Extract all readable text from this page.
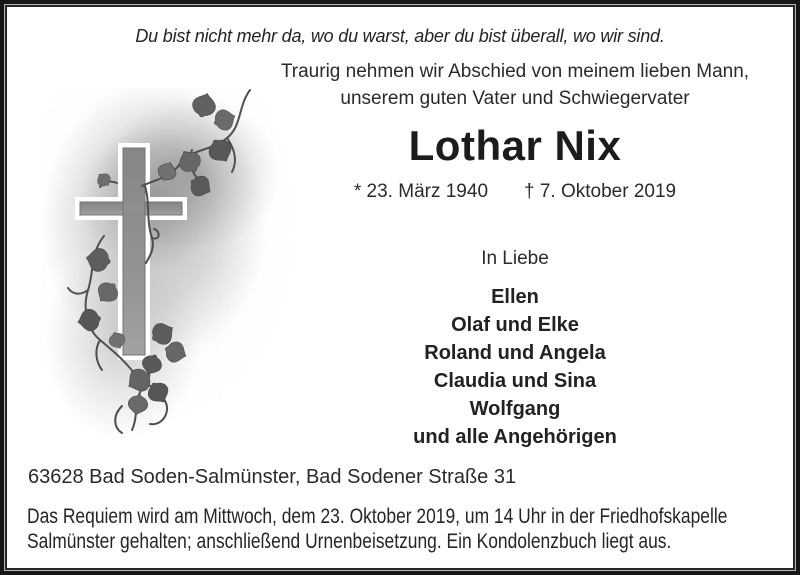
Du bist nicht mehr da, wo du warst, aber du bist überall, wo wir sind.
Traurig nehmen wir Abschied von meinem lieben Mann,
unserem guten Vater und Schwiegervater
Lothar Nix
* 23. März 1940 † 7. Oktober 2019
In Liebe
Ellen
Olaf und Elke
Roland und Angela
Claudia und Sina
Wolfgang
und alle Angehörigen
63628 Bad Soden-Salmünster, Bad Sodener Straße 31
Das Requiem wird am Mittwoch, dem 23. Oktober 2019, um 14 Uhr in der Friedhofskapelle
Salmünster gehalten; anschließend Urnenbeisetzung. Ein Kondolenzbuch liegt aus.
